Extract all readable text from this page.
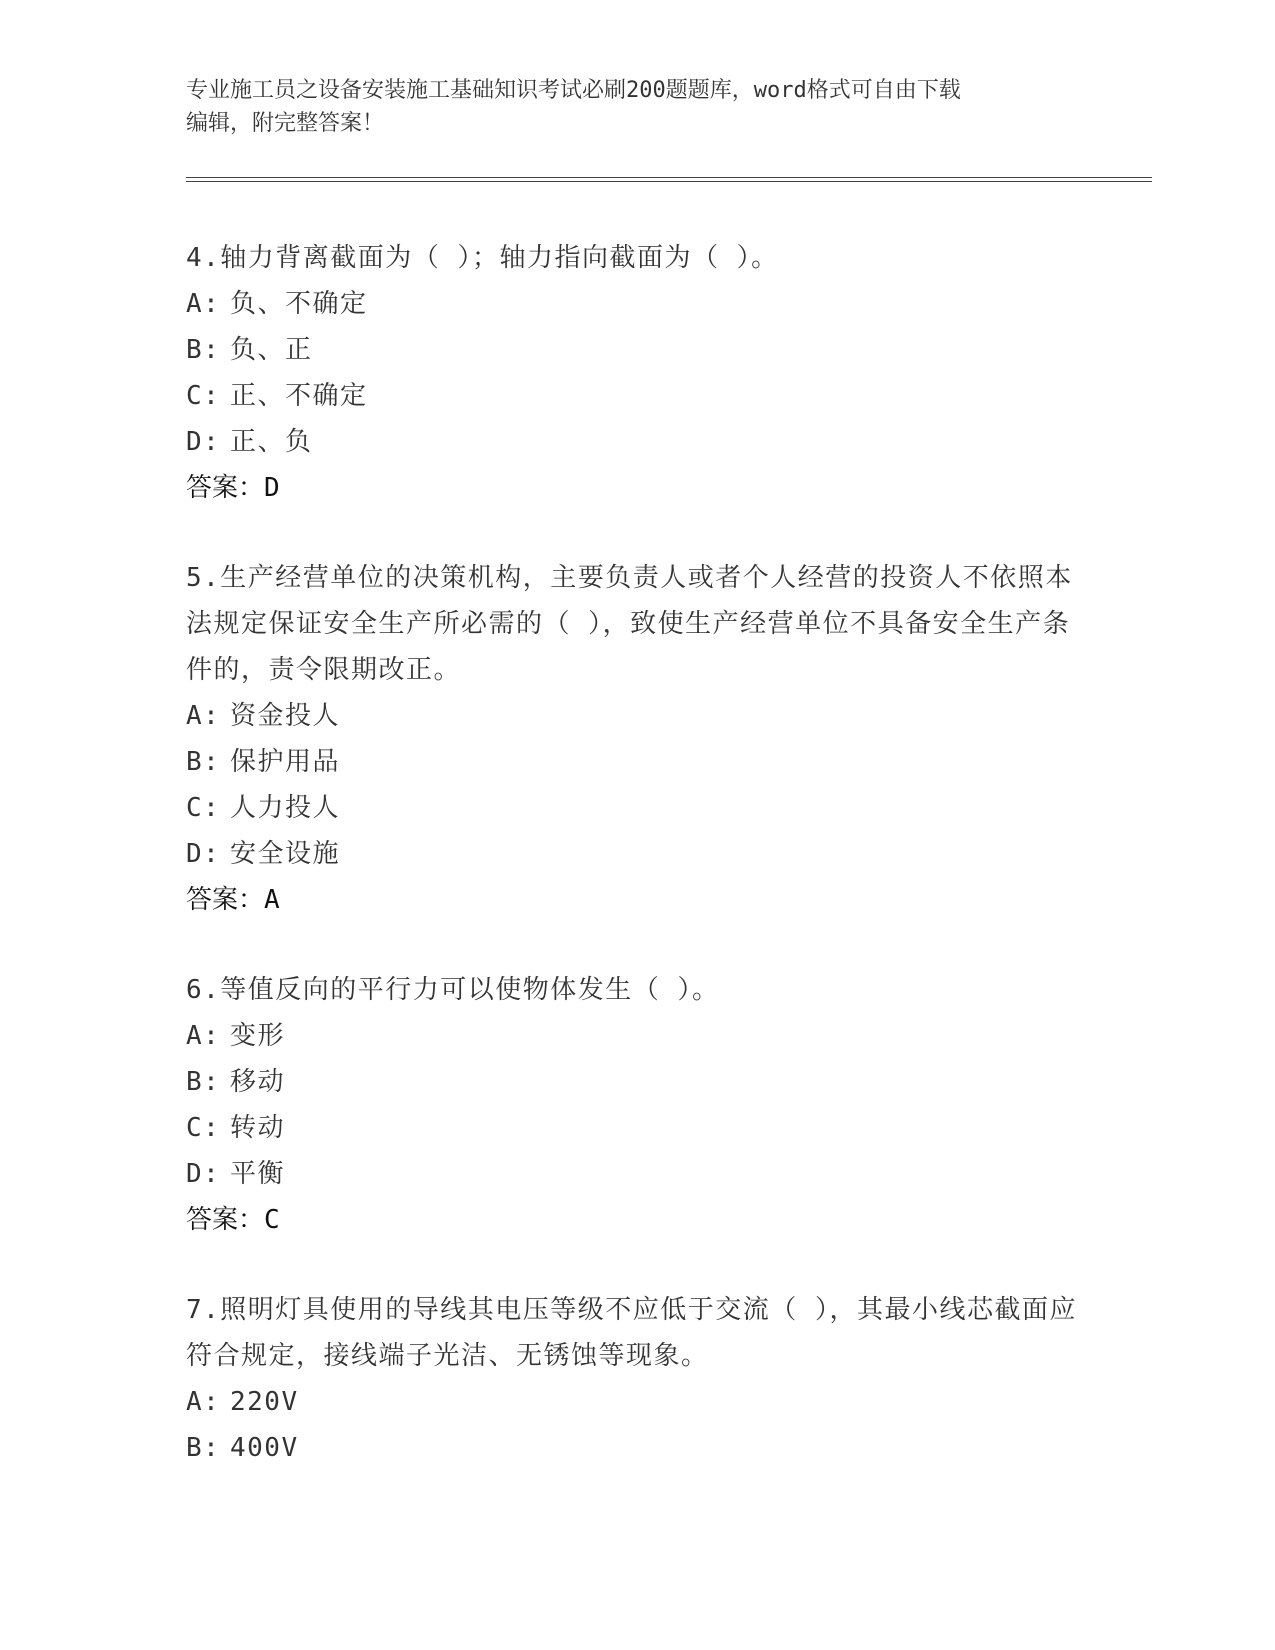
专业施工员之设备安装施工基础知识考试必刷200题题库，word格式可自由下载
编辑，附完整答案！
4.轴力背离截面为（ ）；轴力指向截面为（ ）。
A: 负、不确定
B: 负、正
C: 正、不确定
D: 正、负
答案：D
5.生产经营单位的决策机构，主要负责人或者个人经营的投资人不依照本法规定保证安全生产所必需的（ ），致使生产经营单位不具备安全生产条件的，责令限期改正。
A: 资金投人
B: 保护用品
C: 人力投人
D: 安全设施
答案：A
6.等值反向的平行力可以使物体发生（ ）。
A: 变形
B: 移动
C: 转动
D: 平衡
答案：C
7.照明灯具使用的导线其电压等级不应低于交流（ ），其最小线芯截面应符合规定，接线端子光洁、无锈蚀等现象。
A: 220V
B: 400V
